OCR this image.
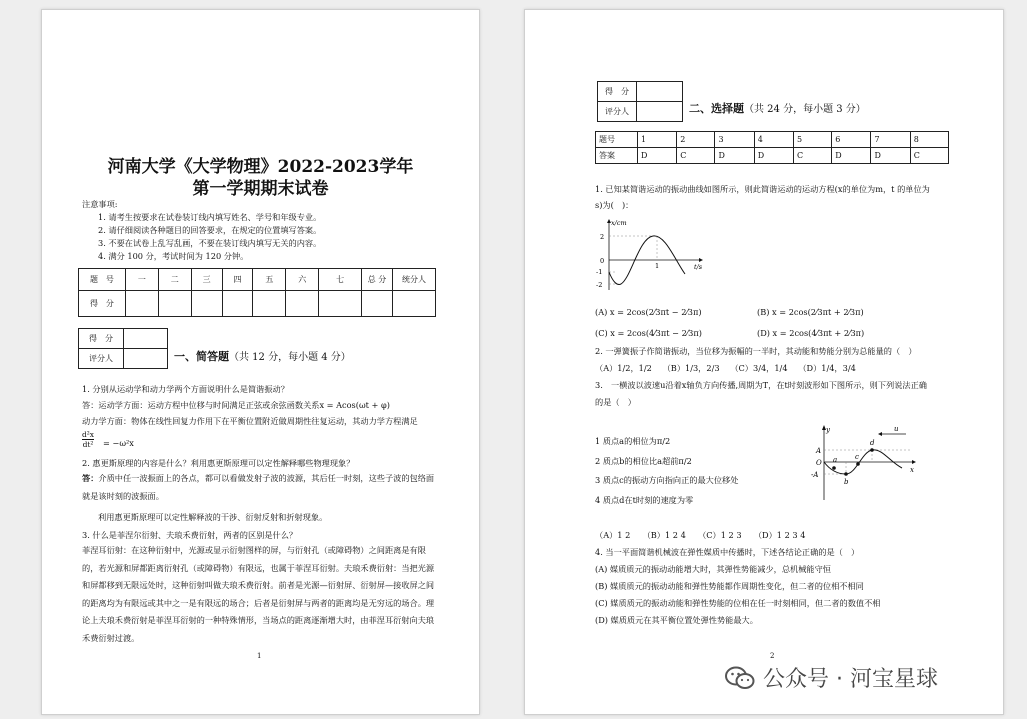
河南大学《大学物理》2022-2023学年
第一学期期末试卷
注意事项:
1. 请考生按要求在试卷装订线内填写姓名、学号和年级专业。
2. 请仔细阅读各种题目的回答要求，在规定的位置填写答案。
3. 不要在试卷上乱写乱画，不要在装订线内填写无关的内容。
4. 满分 100 分，考试时间为 120 分钟。
题　号	一	二	三	四	五	六	七	总 分	统分人
得　分									
得　分	
评分人		一、简答题（共 12 分，每小题 4 分）
1. 分别从运动学和动力学两个方面说明什么是简谐振动？
答：运动学方面：运动方程中位移与时间满足正弦或余弦函数关系x = Acos(ωt + φ)
动力学方面：物体在线性回复力作用下在平衡位置附近做周期性往复运动，其动力学方程满足
$\frac{\text{d²x}}{\text{dt²}} = -\omega^2x$
2. 惠更斯原理的内容是什么？利用惠更斯原理可以定性解释哪些物理现象？
答：介质中任一波振面上的各点，都可以看做发射子波的波源，其后任一时刻，这些子波的包络面就是该时刻的波振面。
利用惠更斯原理可以定性解释波的干涉、衍射反射和折射现象。
3. 什么是菲涅尔衍射、夫琅禾费衍射，两者的区别是什么？
菲涅耳衍射：在这种衍射中，光源或显示衍射图样的屏，与衍射孔（或障碍物）之间距离是有限的，若光源和屏都距离衍射孔（或障碍物）有限远，也属于菲涅耳衍射。夫琅禾费衍射：当把光源和屏都移到无限远处时，这种衍射叫做夫琅禾费衍射。前者是光源—衍射屏、衍射屏—接收屏之间的距离均为有限远或其中之一是有限远的场合；后者是衍射屏与两者的距离均是无穷远的场合。理论上夫琅禾费衍射是菲涅耳衍射的一种特殊情形，当场点的距离逐渐增大时，由菲涅耳衍射向夫琅禾费衍射过渡。
1
得　分	
评分人		二、选择题（共 24 分，每小题 3 分）
题号	1	2	3	4	5	6	7	8
答案	D	C	D	D	C	D	D	C
1. 已知某简谐运动的振动曲线如图所示，则此简谐运动的运动方程(x的单位为m，t 的单位为
s)为(　)：
x/cm
t/s
2
0
-1
-2
1
(A) x = 2cos(2⁄3πt − 2⁄3π)	(B) x = 2cos(2⁄3πt + 2⁄3π)
(C) x = 2cos(4⁄3πt − 2⁄3π)	(D) x = 2cos(4⁄3πt + 2⁄3π)
2. 一弹簧振子作简谐振动，当位移为振幅的一半时，其动能和势能分别为总能量的（　）
（A）1/2，1/2　 （B）1/3，2/3　 （C）3/4，1/4　 （D）1/4，3/4
3.　一横波以波速u沿着x轴负方向传播,周期为T，在t时刻波形如下图所示，则下列说法正确
的是（　）
1 质点a的相位为π/2
2 质点b的相位比a超前π/2
3 质点c的振动方向指向正的最大位移处
4 质点d在t时刻的速度为零
y
x
u
A
O
-A
a
b
c
d
（A）1 2　　（B）1 2 4　　（C）1 2 3　　（D）1 2 3 4
4. 当一平面简谐机械波在弹性媒质中传播时，下述各结论正确的是（　）
(A) 媒质质元的振动动能增大时，其弹性势能减少，总机械能守恒
(B) 媒质质元的振动动能和弹性势能都作周期性变化，但二者的位相不相同
(C) 媒质质元的振动动能和弹性势能的位相在任一时刻相同，但二者的数值不相
(D) 媒质质元在其平衡位置处弹性势能最大。
2
公众号 · 河宝星球
